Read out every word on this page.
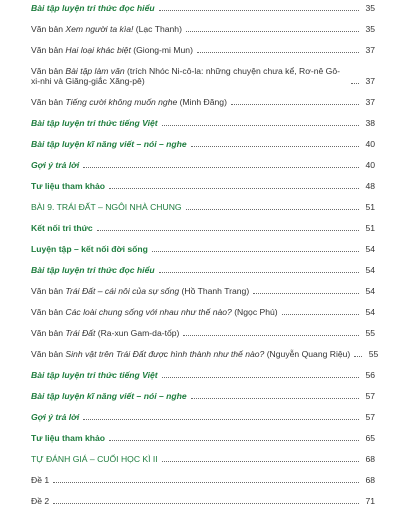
Bài tập luyện tri thức đọc hiểu	35
Văn bản Xem người ta kìa! (Lạc Thanh)	35
Văn bản Hai loại khác biệt (Giong-mi Mun)	37
Văn bản Bài tập làm văn (trích Nhóc Ni-cô-la: những chuyện chưa kể, Rơ-nê Gô-xi-nhi và Giăng-giắc Xăng-pê)	37
Văn bản Tiếng cười không muốn nghe (Minh Đăng)	37
Bài tập luyện tri thức tiếng Việt	38
Bài tập luyện kĩ năng viết – nói – nghe	40
Gợi ý trả lời	40
Tư liệu tham khảo	48
BÀI 9. TRÁI ĐẤT – NGÔI NHÀ CHUNG	51
Kết nối tri thức	51
Luyện tập – kết nối đời sống	54
Bài tập luyện tri thức đọc hiểu	54
Văn bản Trái Đất – cái nôi của sự sống (Hồ Thanh Trang)	54
Văn bản Các loài chung sống với nhau như thế nào? (Ngọc Phú)	54
Văn bản Trái Đất (Ra-xun Gam-da-tốp)	55
Văn bản Sinh vật trên Trái Đất được hình thành như thế nào? (Nguyễn Quang Riệu)	55
Bài tập luyện tri thức tiếng Việt	56
Bài tập luyện kĩ năng viết – nói – nghe	57
Gợi ý trả lời	57
Tư liệu tham khảo	65
TỰ ĐÁNH GIÁ – CUỐI HỌC KÌ II	68
Đề 1	68
Đề 2	71
